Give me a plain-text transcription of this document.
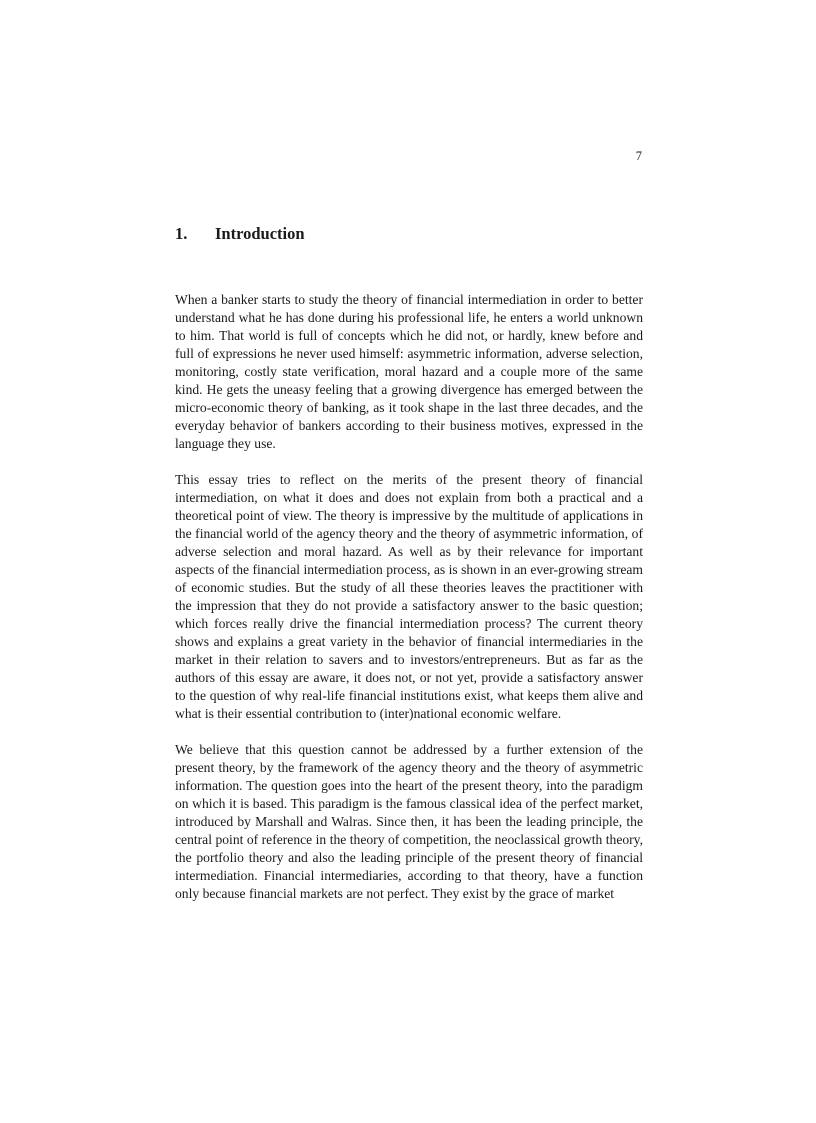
7
1. Introduction

When a banker starts to study the theory of financial intermediation in order to better understand what he has done during his professional life, he enters a world unknown to him. That world is full of concepts which he did not, or hardly, knew before and full of expressions he never used himself: asymmetric information, adverse selection, monitoring, costly state verification, moral hazard and a couple more of the same kind. He gets the uneasy feeling that a growing divergence has emerged between the micro-economic theory of banking, as it took shape in the last three decades, and the everyday behavior of bankers according to their business motives, expressed in the language they use.

This essay tries to reflect on the merits of the present theory of financial intermediation, on what it does and does not explain from both a practical and a theoretical point of view. The theory is impressive by the multitude of applications in the financial world of the agency theory and the theory of asymmetric information, of adverse selection and moral hazard. As well as by their relevance for important aspects of the financial intermediation process, as is shown in an ever-growing stream of economic studies. But the study of all these theories leaves the practitioner with the impression that they do not provide a satisfactory answer to the basic question; which forces really drive the financial intermediation process? The current theory shows and explains a great variety in the behavior of financial intermediaries in the market in their relation to savers and to investors/entrepreneurs. But as far as the authors of this essay are aware, it does not, or not yet, provide a satisfactory answer to the question of why real-life financial institutions exist, what keeps them alive and what is their essential contribution to (inter)national economic welfare.

We believe that this question cannot be addressed by a further extension of the present theory, by the framework of the agency theory and the theory of asymmetric information. The question goes into the heart of the present theory, into the paradigm on which it is based. This paradigm is the famous classical idea of the perfect market, introduced by Marshall and Walras. Since then, it has been the leading principle, the central point of reference in the theory of competition, the neoclassical growth theory, the portfolio theory and also the leading principle of the present theory of financial intermediation. Financial intermediaries, according to that theory, have a function only because financial markets are not perfect. They exist by the grace of market
